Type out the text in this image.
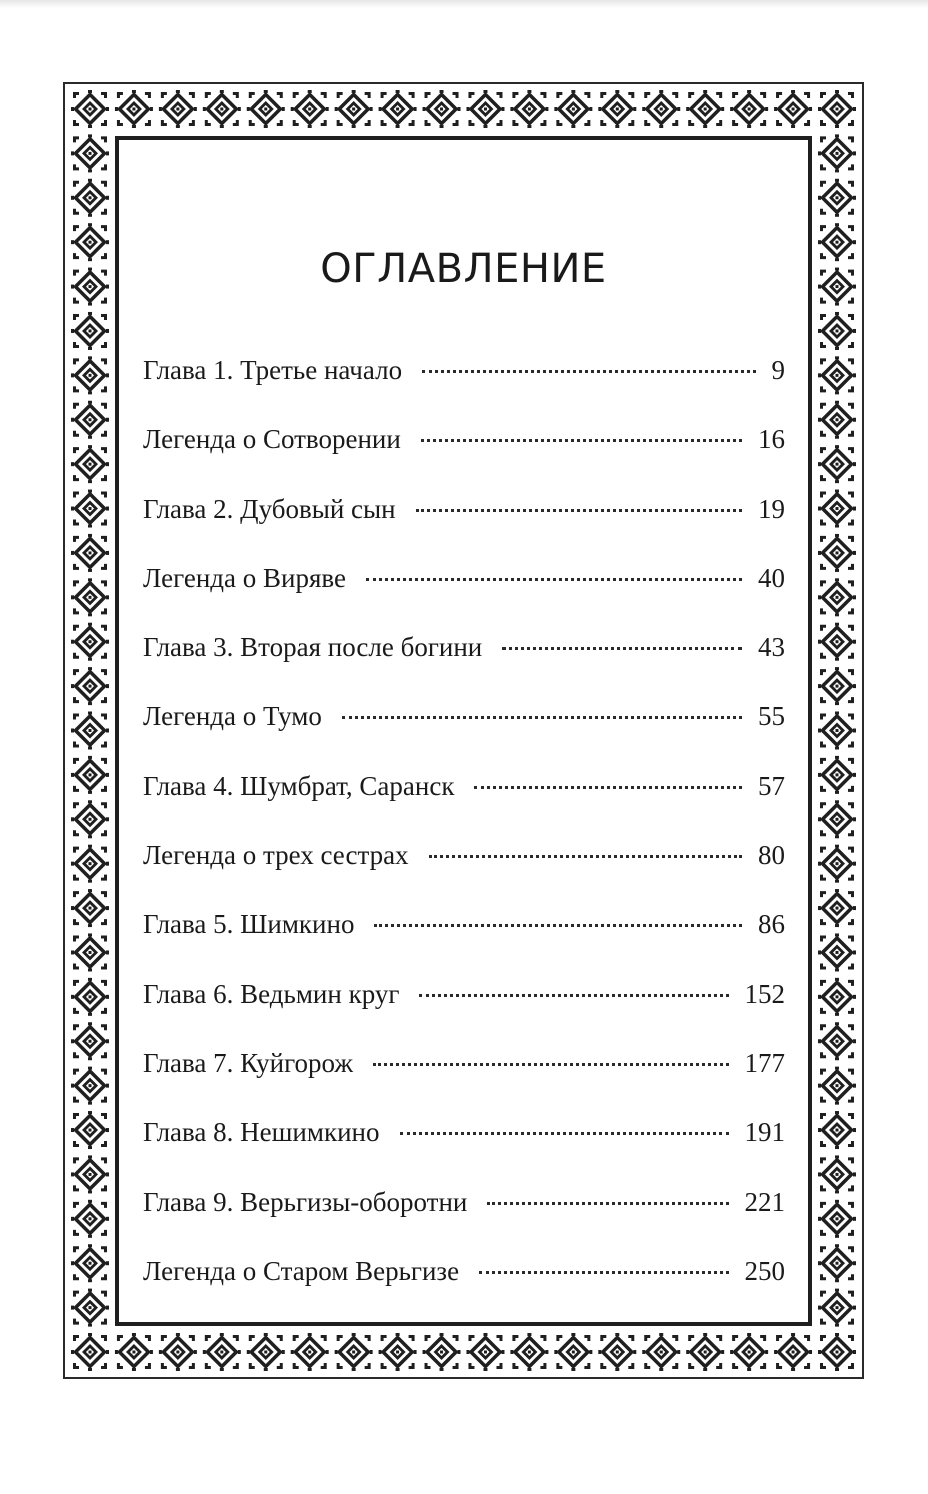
ОГЛАВЛЕНИЕ
Глава 1. Третье начало	9
Легенда о Сотворении	16
Глава 2. Дубовый сын	19
Легенда о Виряве	40
Глава 3. Вторая после богини	43
Легенда о Тумо	55
Глава 4. Шумбрат, Саранск	57
Легенда о трех сестрах	80
Глава 5. Шимкино	86
Глава 6. Ведьмин круг	152
Глава 7. Куйгорож	177
Глава 8. Нешимкино	191
Глава 9. Верьгизы-оборотни	221
Легенда о Старом Верьгизе	250
